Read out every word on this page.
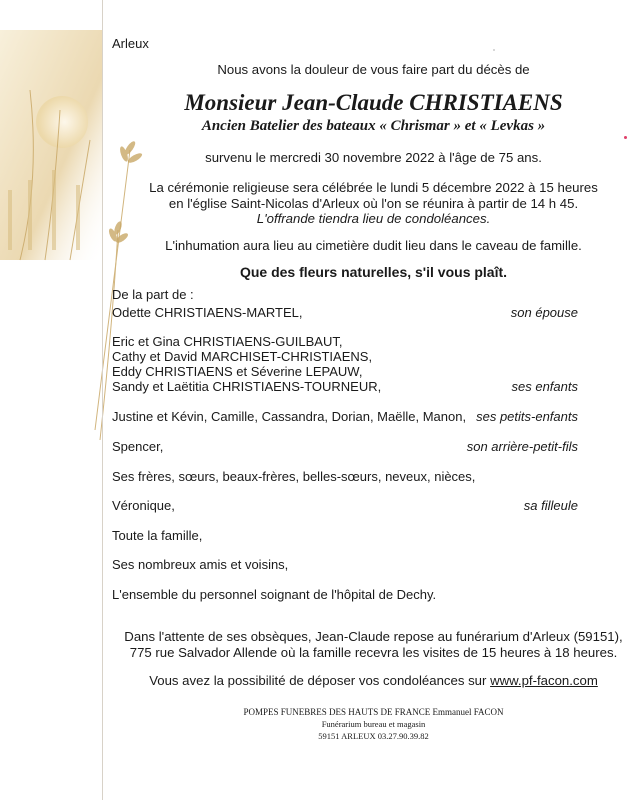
Arleux
Nous avons la douleur de vous faire part du décès de
Monsieur Jean-Claude CHRISTIAENS
Ancien Batelier des bateaux « Chrismar » et « Levkas »
survenu le mercredi 30 novembre 2022 à l'âge de 75 ans.
La cérémonie religieuse sera célébrée le lundi 5 décembre 2022 à 15 heures
en l'église Saint-Nicolas d'Arleux où l'on se réunira à partir de 14 h 45.
L'offrande tiendra lieu de condoléances.
L'inhumation aura lieu au cimetière dudit lieu dans le caveau de famille.
Que des fleurs naturelles, s'il vous plaît.
De la part de :
Odette CHRISTIAENS-MARTEL,	son épouse
Eric et Gina CHRISTIAENS-GUILBAUT,
Cathy et David MARCHISET-CHRISTIAENS,
Eddy CHRISTIAENS et Séverine LEPAUW,
Sandy et Laëtitia CHRISTIAENS-TOURNEUR,	ses enfants
Justine et Kévin, Camille, Cassandra, Dorian, Maëlle, Manon, ses petits-enfants
Spencer,	son arrière-petit-fils
Ses frères, sœurs, beaux-frères, belles-sœurs, neveux, nièces,
Véronique,	sa filleule
Toute la famille,
Ses nombreux amis et voisins,
L'ensemble du personnel soignant de l'hôpital de Dechy.
Dans l'attente de ses obsèques, Jean-Claude repose au funérarium d'Arleux (59151),
775 rue Salvador Allende où la famille recevra les visites de 15 heures à 18 heures.
Vous avez la possibilité de déposer vos condoléances sur www.pf-facon.com
POMPES FUNEBRES DES HAUTS DE FRANCE Emmanuel FACON
Funérarium bureau et magasin
59151 ARLEUX 03.27.90.39.82
